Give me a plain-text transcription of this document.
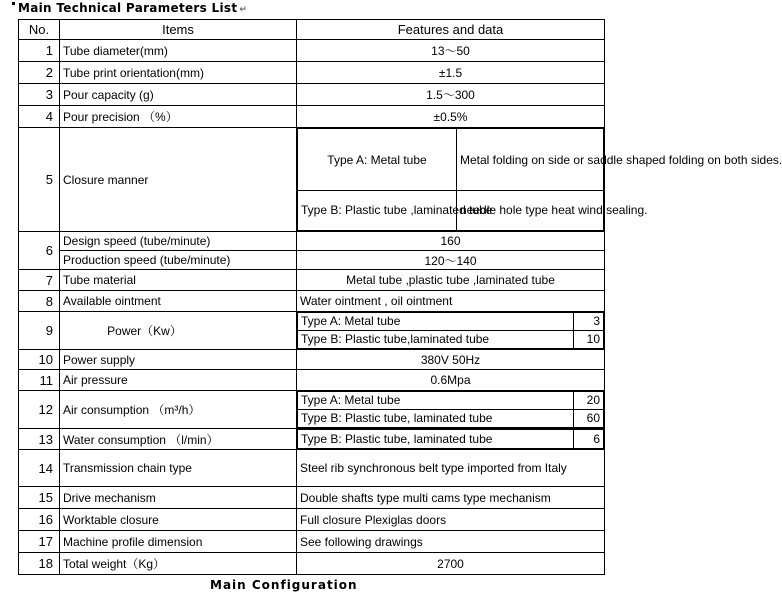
Main Technical Parameters List ↵
No.	Items	Features and data
1	Tube diameter(mm)	13～50
2	Tube print orientation(mm)	±1.5
3	Pour capacity (g)	1.5～300
4	Pour precision （%）	±0.5%
5	Closure manner	
Type A: Metal tube	Metal folding on side or saddle shaped folding on both sides.
Type B: Plastic tube ,laminated tube	needle hole type heat wind sealing.

6	Design speed (tube/minute)	160
Production speed (tube/minute)	120～140
7	Tube material	Metal tube ,plastic tube ,laminated tube
8	Available ointment	Water ointment , oil ointment
9	Power（Kw）	
Type A: Metal tube	3
Type B: Plastic tube,laminated tube	10

10	Power supply	380V 50Hz
11	Air pressure	0.6Mpa
12	Air consumption （m³/h）	
Type A: Metal tube	20
Type B: Plastic tube, laminated tube	60

13	Water consumption （l/min）		Type B: Plastic tube, laminated tube	6

14	Transmission chain type	Steel rib synchronous belt type imported from Italy
15	Drive mechanism	Double shafts type multi cams type mechanism
16	Worktable closure	Full closure Plexiglas doors
17	Machine profile dimension	See following drawings
18	Total weight（Kg）	2700
Main Configuration
